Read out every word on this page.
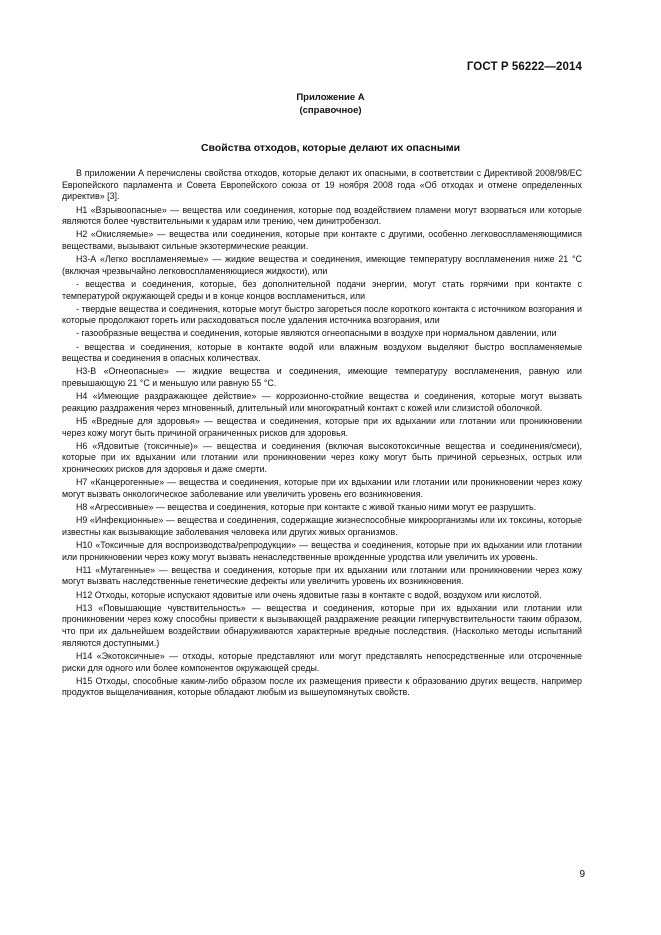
ГОСТ Р 56222—2014
Приложение А
(справочное)
Свойства отходов, которые делают их опасными

В приложении А перечислены свойства отходов, которые делают их опасными, в соответствии с Директивой 2008/98/ЕС Европейского парламента и Совета Европейского союза от 19 ноября 2008 года «Об отходах и отмене определенных директив» [3].

Н1 «Взрывоопасные» — вещества или соединения, которые под воздействием пламени могут взорваться или которые являются более чувствительными к ударам или трению, чем динитробензол.

Н2 «Окисляемые» — вещества или соединения, которые при контакте с другими, особенно легковоспламеняющимися веществами, вызывают сильные экзотермические реакции.

Н3-А «Легко воспламеняемые» — жидкие вещества и соединения, имеющие температуру воспламенения ниже 21 °С (включая чрезвычайно легковоспламеняющиеся жидкости), или

- вещества и соединения, которые, без дополнительной подачи энергии, могут стать горячими при контакте с температурой окружающей среды и в конце концов воспламениться, или

- твердые вещества и соединения, которые могут быстро загореться после короткого контакта с источником возгорания и которые продолжают гореть или расходоваться после удаления источника возгорания, или

- газообразные вещества и соединения, которые являются огнеопасными в воздухе при нормальном давлении, или

- вещества и соединения, которые в контакте водой или влажным воздухом выделяют быстро воспламеняемые вещества и соединения в опасных количествах.

Н3-В «Огнеопасные» — жидкие вещества и соединения, имеющие температуру воспламенения, равную или превышающую 21 °С и меньшую или равную 55 °С.

Н4 «Имеющие раздражающее действие» — коррозионно-стойкие вещества и соединения, которые могут вызвать реакцию раздражения через мгновенный, длительный или многократный контакт с кожей или слизистой оболочкой.

Н5 «Вредные для здоровья» — вещества и соединения, которые при их вдыхании или глотании или проникновении через кожу могут быть причиной ограниченных рисков для здоровья.

Н6 «Ядовитые (токсичные)» — вещества и соединения (включая высокотоксичные вещества и соединения/смеси), которые при их вдыхании или глотании или проникновении через кожу могут быть причиной серьезных, острых или хронических рисков для здоровья и даже смерти.

Н7 «Канцерогенные» — вещества и соединения, которые при их вдыхании или глотании или проникновении через кожу могут вызвать онкологическое заболевание или увеличить уровень его возникновения.

Н8 «Агрессивные» — вещества и соединения, которые при контакте с живой тканью ними могут ее разрушить.

Н9 «Инфекционные» — вещества и соединения, содержащие жизнеспособные микроорганизмы или их токсины, которые известны как вызывающие заболевания человека или других живых организмов.

Н10 «Токсичные для воспроизводства/репродукции» — вещества и соединения, которые при их вдыхании или глотании или проникновении через кожу могут вызвать ненаследственные врожденные уродства или увеличить их уровень.

Н11 «Мутагенные» — вещества и соединения, которые при их вдыхании или глотании или проникновении через кожу могут вызвать наследственные генетические дефекты или увеличить уровень их возникновения.

Н12 Отходы, которые испускают ядовитые или очень ядовитые газы в контакте с водой, воздухом или кислотой.

Н13 «Повышающие чувствительность» — вещества и соединения, которые при их вдыхании или глотании или проникновении через кожу способны привести к вызывающей раздражение реакции гиперчувствительности таким образом, что при их дальнейшем воздействии обнаруживаются характерные вредные последствия. (Насколько методы испытаний являются доступными.)

Н14 «Экотоксичные» — отходы, которые представляют или могут представлять непосредственные или отсроченные риски для одного или более компонентов окружающей среды.

Н15 Отходы, способные каким-либо образом после их размещения привести к образованию других веществ, например продуктов выщелачивания, которые обладают любым из вышеупомянутых свойств.

9
